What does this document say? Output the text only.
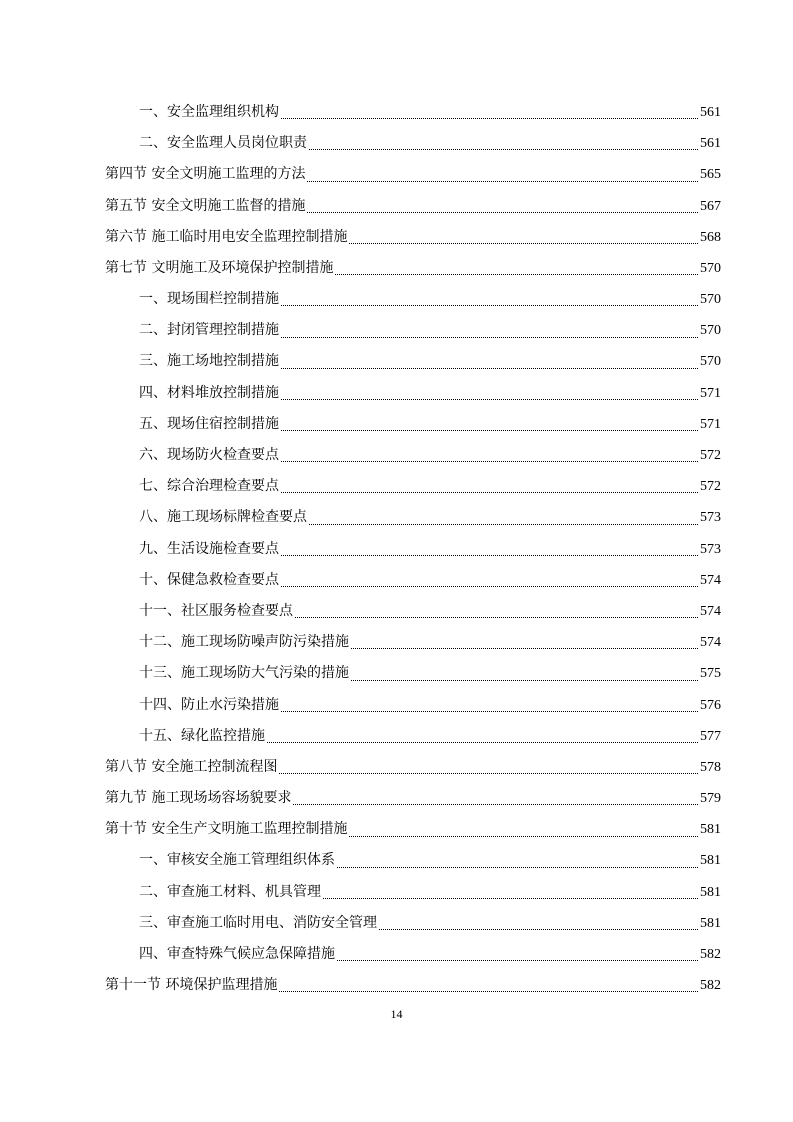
一、安全监理组织机构	561
二、安全监理人员岗位职责	561
第四节 安全文明施工监理的方法	565
第五节 安全文明施工监督的措施	567
第六节 施工临时用电安全监理控制措施	568
第七节 文明施工及环境保护控制措施	570
一、现场围栏控制措施	570
二、封闭管理控制措施	570
三、施工场地控制措施	570
四、材料堆放控制措施	571
五、现场住宿控制措施	571
六、现场防火检查要点	572
七、综合治理检查要点	572
八、施工现场标牌检查要点	573
九、生活设施检查要点	573
十、保健急救检查要点	574
十一、社区服务检查要点	574
十二、施工现场防噪声防污染措施	574
十三、施工现场防大气污染的措施	575
十四、防止水污染措施	576
十五、绿化监控措施	577
第八节 安全施工控制流程图	578
第九节 施工现场场容场貌要求	579
第十节 安全生产文明施工监理控制措施	581
一、审核安全施工管理组织体系	581
二、审查施工材料、机具管理	581
三、审查施工临时用电、消防安全管理	581
四、审查特殊气候应急保障措施	582
第十一节 环境保护监理措施	582
14
